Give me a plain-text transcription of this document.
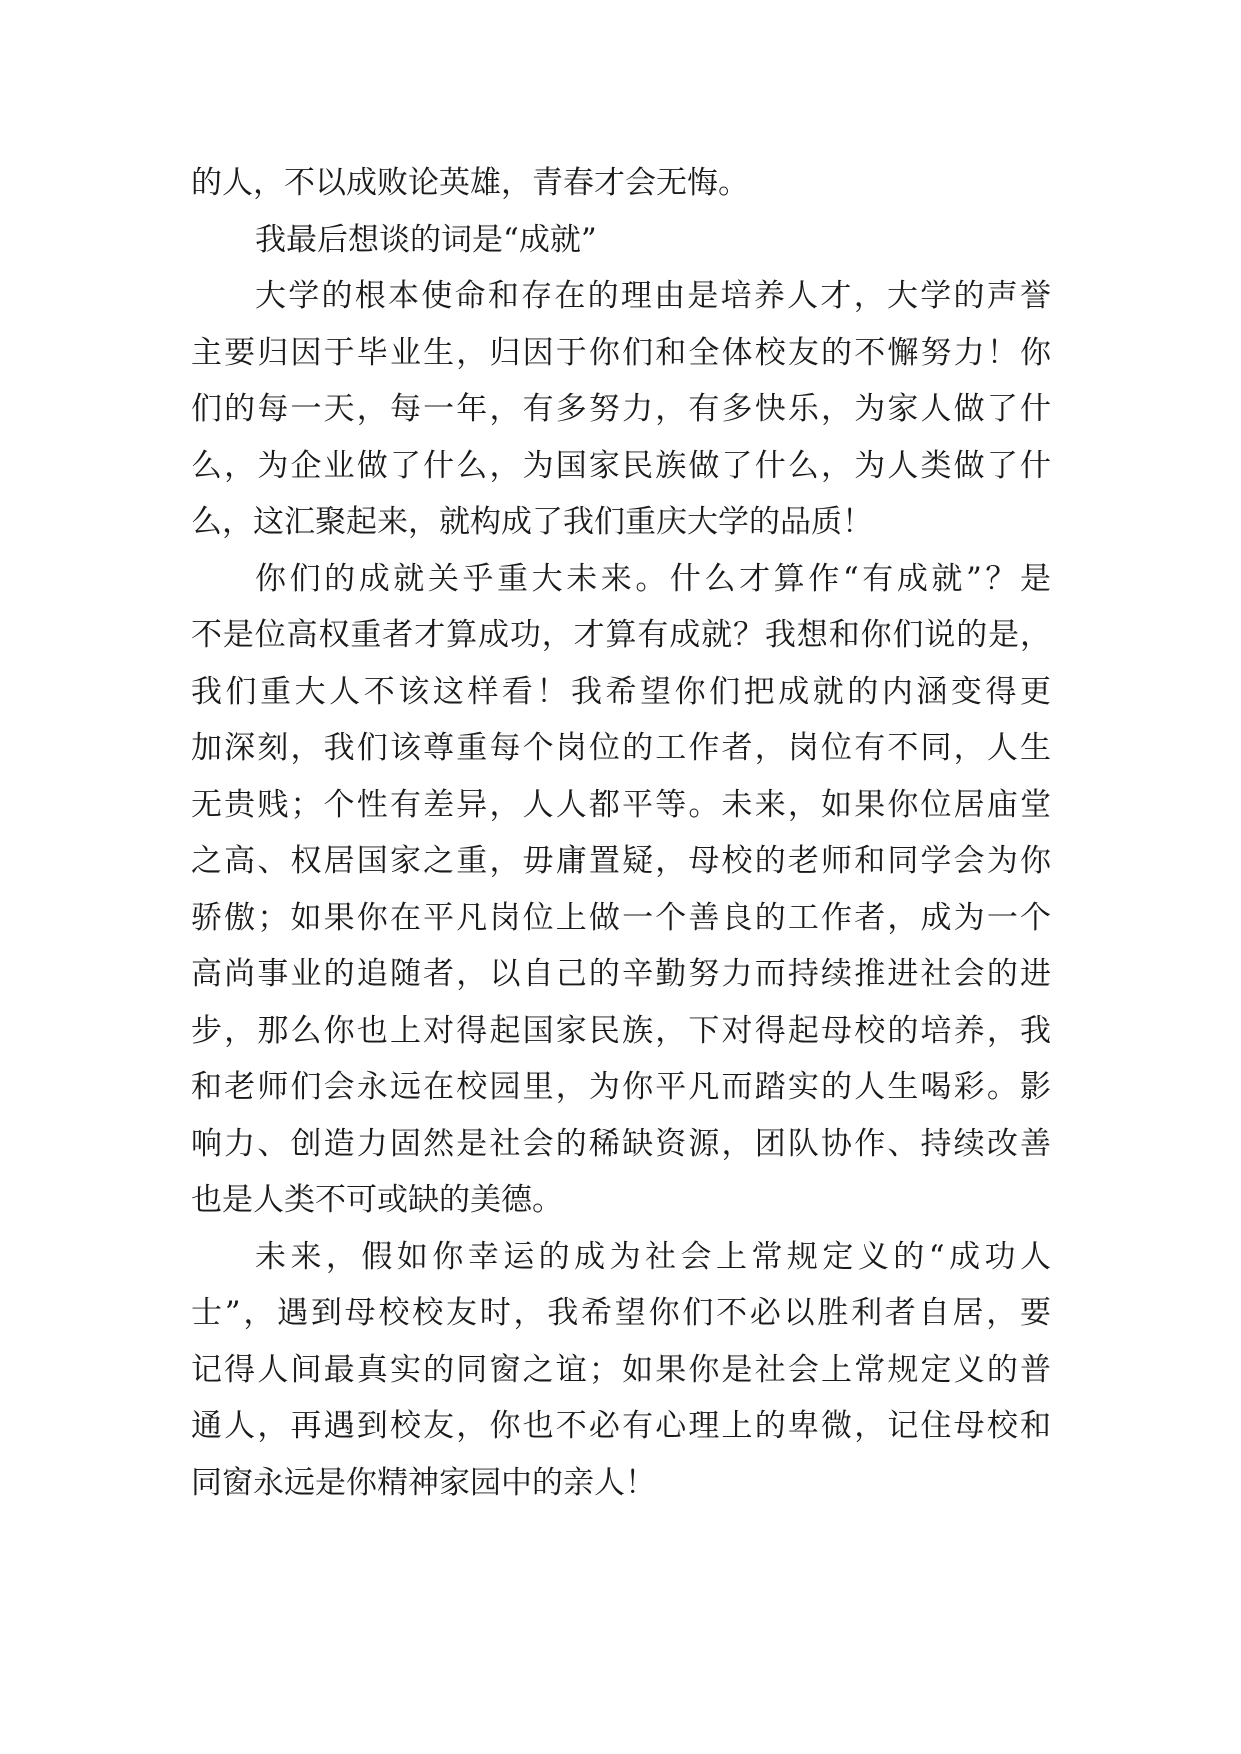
的人，不以成败论英雄，青春才会无悔。
我最后想谈的词是“成就”
大学的根本使命和存在的理由是培养人才，大学的声誉
主要归因于毕业生，归因于你们和全体校友的不懈努力！你
们的每一天，每一年，有多努力，有多快乐，为家人做了什
么，为企业做了什么，为国家民族做了什么，为人类做了什
么，这汇聚起来，就构成了我们重庆大学的品质！
你们的成就关乎重大未来。什么才算作“有成就”？是
不是位高权重者才算成功，才算有成就？我想和你们说的是，
我们重大人不该这样看！我希望你们把成就的内涵变得更
加深刻，我们该尊重每个岗位的工作者，岗位有不同，人生
无贵贱；个性有差异，人人都平等。未来，如果你位居庙堂
之高、权居国家之重，毋庸置疑，母校的老师和同学会为你
骄傲；如果你在平凡岗位上做一个善良的工作者，成为一个
高尚事业的追随者，以自己的辛勤努力而持续推进社会的进
步，那么你也上对得起国家民族，下对得起母校的培养，我
和老师们会永远在校园里，为你平凡而踏实的人生喝彩。影
响力、创造力固然是社会的稀缺资源，团队协作、持续改善
也是人类不可或缺的美德。
未来，假如你幸运的成为社会上常规定义的“成功人
士”，遇到母校校友时，我希望你们不必以胜利者自居，要
记得人间最真实的同窗之谊；如果你是社会上常规定义的普
通人，再遇到校友，你也不必有心理上的卑微，记住母校和
同窗永远是你精神家园中的亲人！
